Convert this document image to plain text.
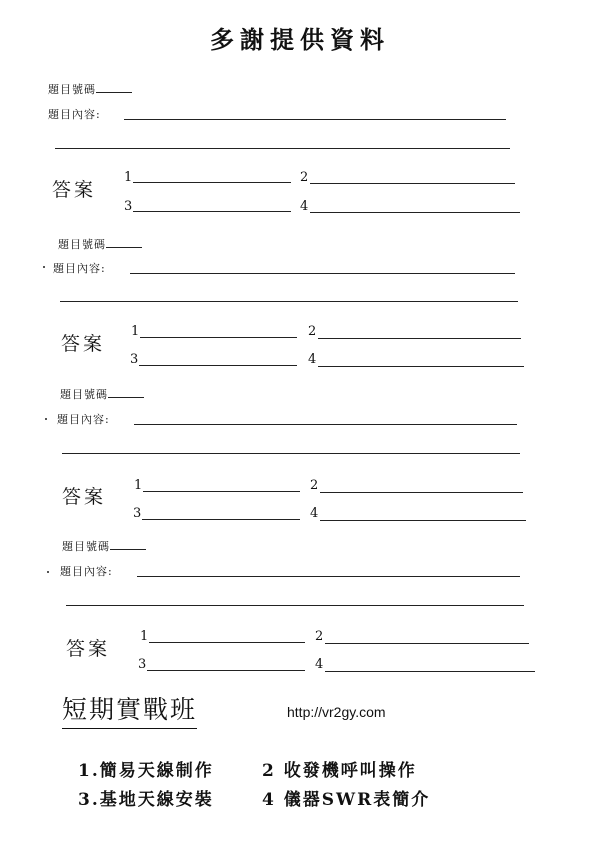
多謝提供資料
題目號碼
題目內容:
答案
1	2
3	4
題目號碼
題目內容:
答案
1	2
3	4
題目號碼
題目內容:
答案
1	2
3	4
題目號碼
題目內容:
答案
1	2
3	4
短期實戰班	http://vr2gy.com
1.簡易天線制作	2 收發機呼叫操作
3.基地天線安裝	4 儀器SWR表簡介
